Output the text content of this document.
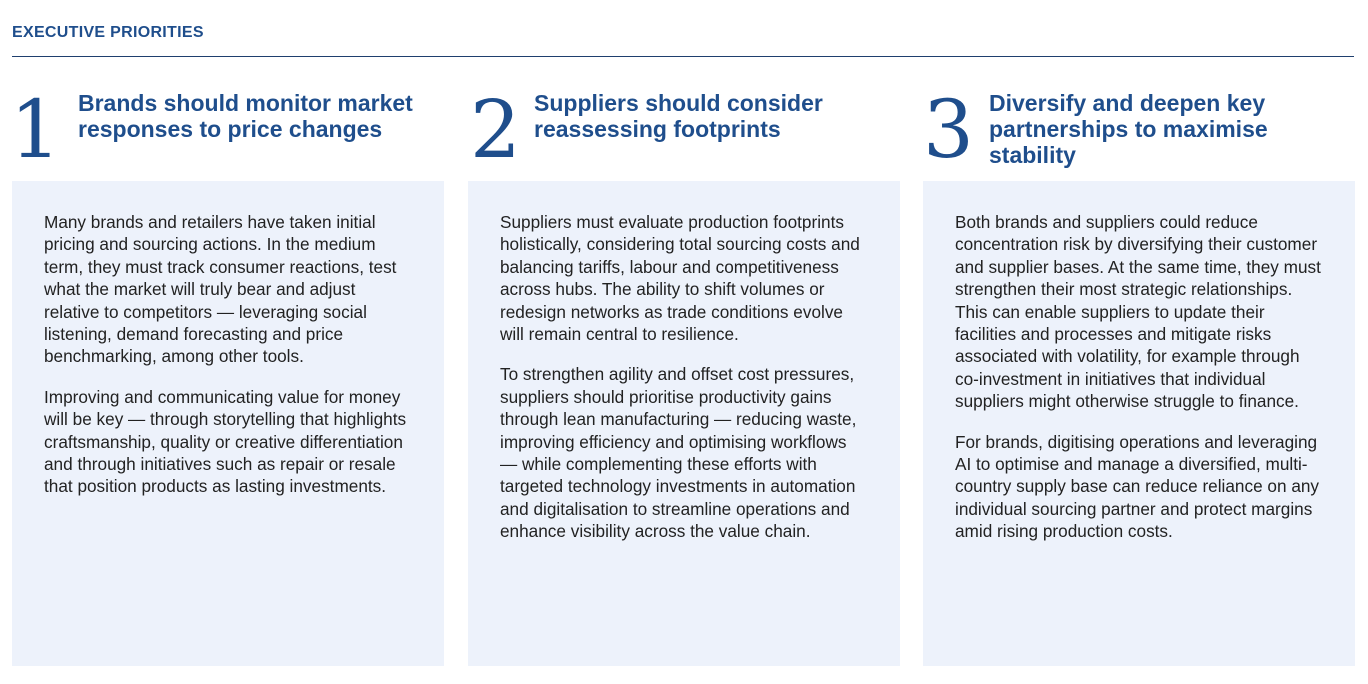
EXECUTIVE PRIORITIES
1 Brands should monitor market responses to price changes

Many brands and retailers have taken initial pricing and sourcing actions. In the medium term, they must track consumer reactions, test what the market will truly bear and adjust relative to competitors — leveraging social listening, demand forecasting and price benchmarking, among other tools.

Improving and communicating value for money will be key — through storytelling that highlights craftsmanship, quality or creative differentiation and through initiatives such as repair or resale that position products as lasting investments.

2 Suppliers should consider reassessing footprints

Suppliers must evaluate production footprints holistically, considering total sourcing costs and balancing tariffs, labour and competitiveness across hubs. The ability to shift volumes or redesign networks as trade conditions evolve will remain central to resilience.

To strengthen agility and offset cost pressures, suppliers should prioritise productivity gains through lean manufacturing — reducing waste, improving efficiency and optimising workflows — while complementing these efforts with targeted technology investments in automation and digitalisation to streamline operations and enhance visibility across the value chain.

3 Diversify and deepen key partnerships to maximise stability

Both brands and suppliers could reduce concentration risk by diversifying their customer and supplier bases. At the same time, they must strengthen their most strategic relationships. This can enable suppliers to update their facilities and processes and mitigate risks associated with volatility, for example through co-investment in initiatives that individual suppliers might otherwise struggle to finance.

For brands, digitising operations and leveraging AI to optimise and manage a diversified, multi-country supply base can reduce reliance on any individual sourcing partner and protect margins amid rising production costs.
